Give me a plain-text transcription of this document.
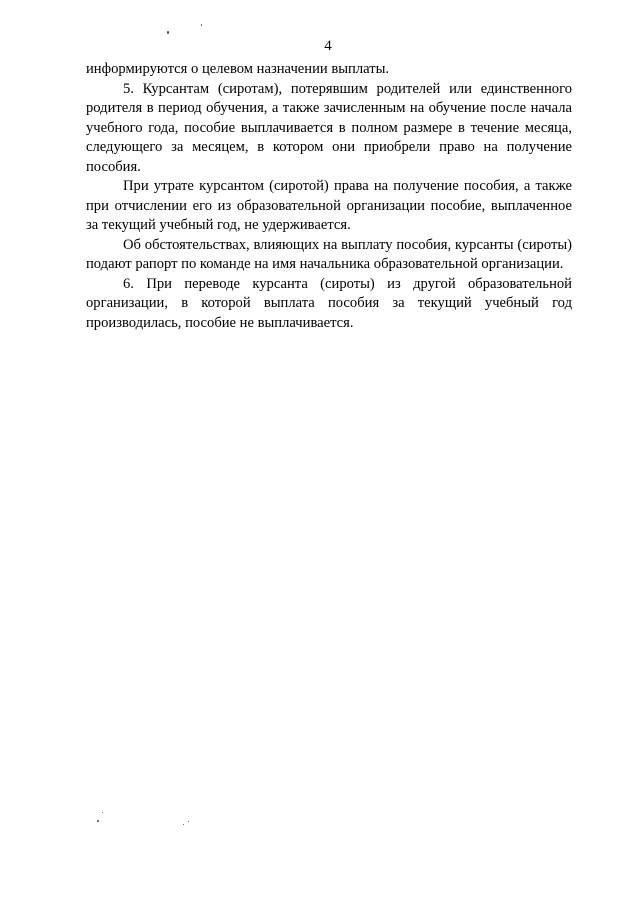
4

информируются о целевом назначении выплаты.

5. Курсантам (сиротам), потерявшим родителей или единственного родителя в период обучения, а также зачисленным на обучение после начала учебного года, пособие выплачивается в полном размере в течение месяца, следующего за месяцем, в котором они приобрели право на получение пособия.

При утрате курсантом (сиротой) права на получение пособия, а также при отчислении его из образовательной организации пособие, выплаченное за текущий учебный год, не удерживается.

Об обстоятельствах, влияющих на выплату пособия, курсанты (сироты) подают рапорт по команде на имя начальника образовательной организации.

6. При переводе курсанта (сироты) из другой образовательной организации, в которой выплата пособия за текущий учебный год производилась, пособие не выплачивается.
